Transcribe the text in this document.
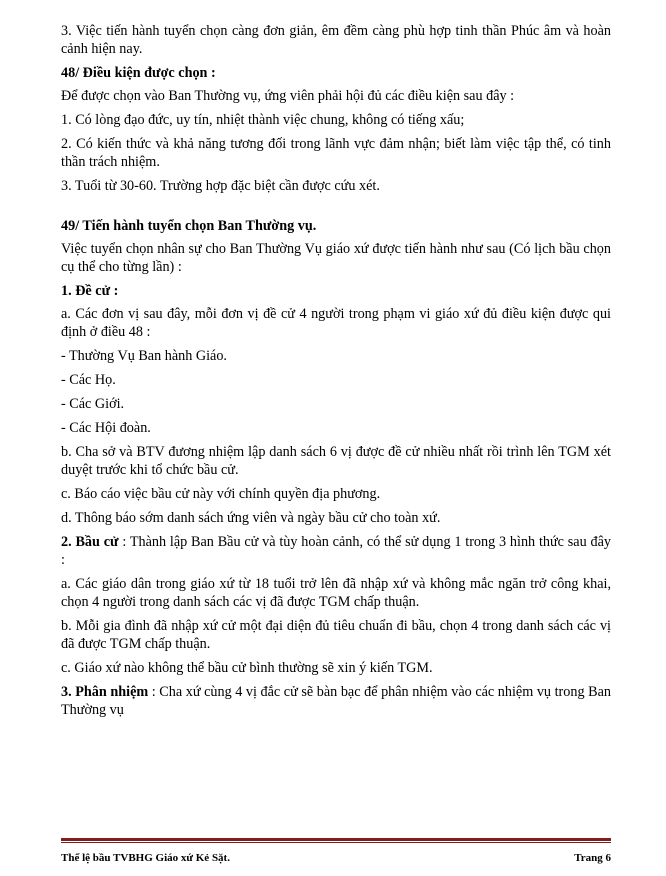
3. Việc tiến hành tuyển chọn càng đơn giản, êm đềm càng phù hợp tinh thần Phúc âm và hoàn cảnh hiện nay.

48/ Điều kiện được chọn :

Để được chọn vào Ban Thường vụ, ứng viên phải hội đủ các điều kiện sau đây :

1. Có lòng đạo đức, uy tín, nhiệt thành việc chung, không có tiếng xấu;

2. Có kiến thức và khả năng tương đối trong lãnh vực đảm nhận; biết làm việc tập thể, có tinh thần trách nhiệm.

3. Tuổi từ 30-60. Trường hợp đặc biệt cần được cứu xét.

49/ Tiến hành tuyển chọn Ban Thường vụ.

Việc tuyển chọn nhân sự cho Ban Thường Vụ giáo xứ được tiến hành như sau (Có lịch bầu chọn cụ thể cho từng lần) :

1. Đề cử :

a. Các đơn vị sau đây, mỗi đơn vị đề cử 4 người trong phạm vi giáo xứ đủ điều kiện được qui định ở điều 48 :

- Thường Vụ Ban hành Giáo.

- Các Họ.

- Các Giới.

- Các Hội đoàn.

b. Cha sở và BTV đương nhiệm lập danh sách 6 vị được đề cử nhiều nhất rồi trình lên TGM xét duyệt trước khi tổ chức bầu cử.

c. Báo cáo việc bầu cử này với chính quyền địa phương.

d. Thông báo sớm danh sách ứng viên và ngày bầu cử cho toàn xứ.

2. Bầu cử : Thành lập Ban Bầu cử và tùy hoàn cảnh, có thể sử dụng 1 trong 3 hình thức sau đây :

a. Các giáo dân trong giáo xứ từ 18 tuổi trở lên đã nhập xứ và không mắc ngăn trở công khai, chọn 4 người trong danh sách các vị đã được TGM chấp thuận.

b. Mỗi gia đình đã nhập xứ cử một đại diện đủ tiêu chuẩn đi bầu, chọn 4 trong danh sách các vị đã được TGM chấp thuận.

c. Giáo xứ nào không thể bầu cử bình thường sẽ xin ý kiến TGM.

3. Phân nhiệm : Cha xứ cùng 4 vị đắc cử sẽ bàn bạc để phân nhiệm vào các nhiệm vụ trong Ban Thường vụ

Thể lệ bầu TVBHG Giáo xứ Kẻ Sặt.	Trang 6
